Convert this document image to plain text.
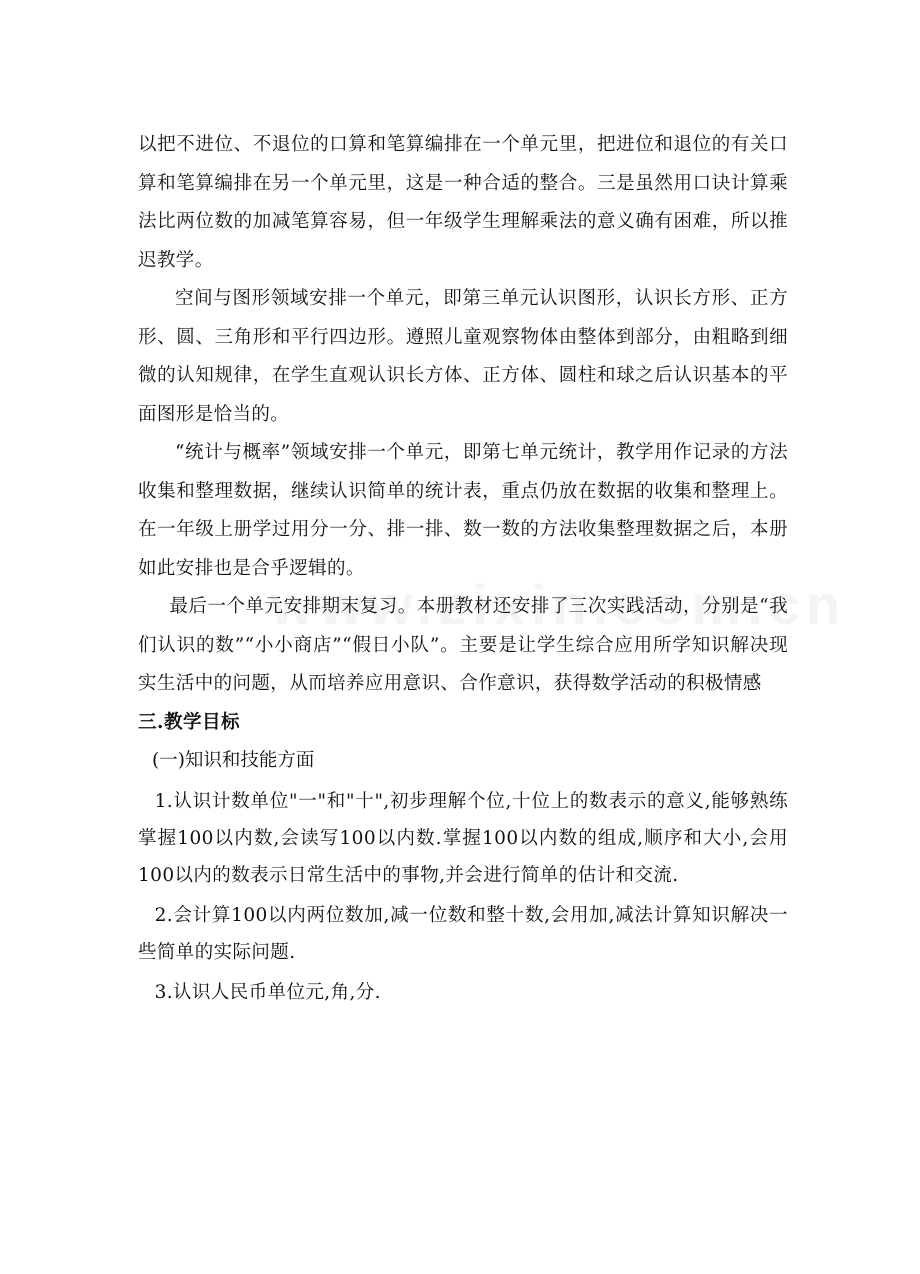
以把不进位、不退位的口算和笔算编排在一个单元里，把进位和退位的有关口算和笔算编排在另一个单元里，这是一种合适的整合。三是虽然用口诀计算乘法比两位数的加减笔算容易，但一年级学生理解乘法的意义确有困难，所以推迟教学。

空间与图形领域安排一个单元，即第三单元认识图形，认识长方形、正方形、圆、三角形和平行四边形。遵照儿童观察物体由整体到部分，由粗略到细微的认知规律，在学生直观认识长方体、正方体、圆柱和球之后认识基本的平面图形是恰当的。

“统计与概率”领域安排一个单元，即第七单元统计，教学用作记录的方法收集和整理数据，继续认识简单的统计表，重点仍放在数据的收集和整理上。在一年级上册学过用分一分、排一排、数一数的方法收集整理数据之后，本册如此安排也是合乎逻辑的。

最后一个单元安排期末复习。本册教材还安排了三次实践活动，分别是“我们认识的数”“小小商店”“假日小队”。主要是让学生综合应用所学知识解决现实生活中的问题，从而培养应用意识、合作意识，获得数学活动的积极情感

三.教学目标

(一)知识和技能方面

1.认识计数单位"一"和"十",初步理解个位,十位上的数表示的意义,能够熟练掌握100以内数,会读写100以内数.掌握100以内数的组成,顺序和大小,会用100以内的数表示日常生活中的事物,并会进行简单的估计和交流.

2.会计算100以内两位数加,减一位数和整十数,会用加,减法计算知识解决一些简单的实际问题.

3.认识人民币单位元,角,分.
